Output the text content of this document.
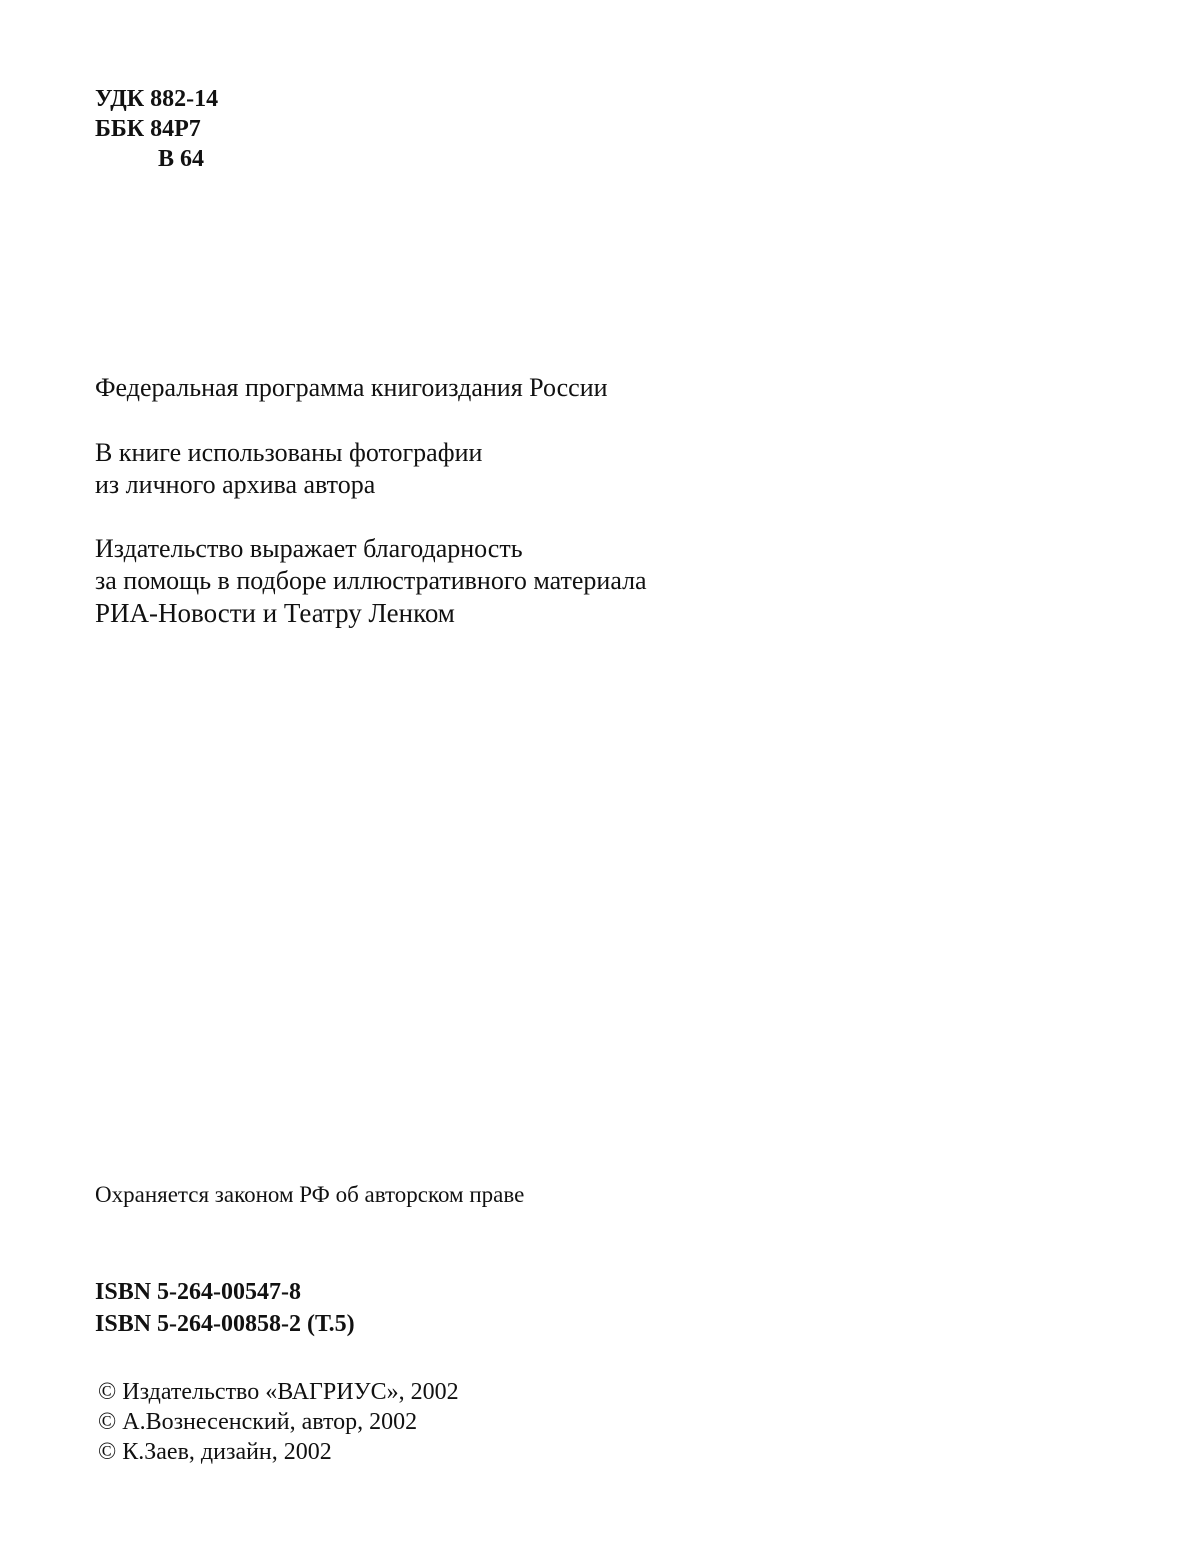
УДК 882-14
ББК 84Р7
В 64
Федеральная программа книгоиздания России
В книге использованы фотографии
из личного архива автора
Издательство выражает благодарность
за помощь в подборе иллюстративного материала
РИА-Новости и Театру Ленком
Охраняется законом РФ об авторском праве
ISBN 5-264-00547-8
ISBN 5-264-00858-2 (Т.5)
© Издательство «ВАГРИУС», 2002
© А.Вознесенский, автор, 2002
© К.Заев, дизайн, 2002
